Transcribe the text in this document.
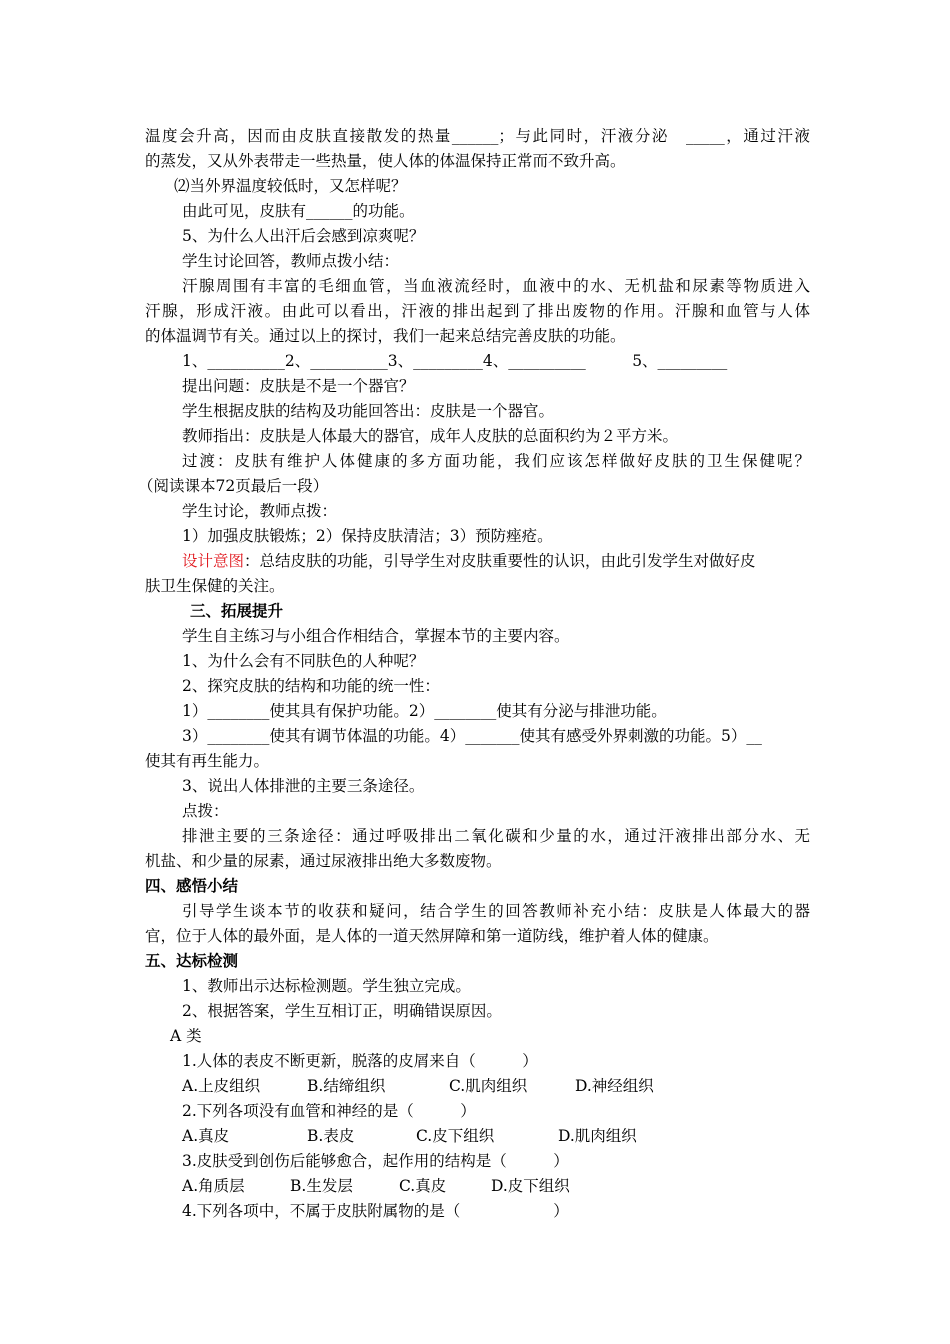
温度会升高，因而由皮肤直接散发的热量______；与此同时，汗液分泌　_____，通过汗液
的蒸发，又从外表带走一些热量，使人体的体温保持正常而不致升高。
⑵当外界温度较低时，又怎样呢？
由此可见，皮肤有______的功能。
5、为什么人出汗后会感到凉爽呢？
学生讨论回答，教师点拨小结：
汗腺周围有丰富的毛细血管，当血液流经时，血液中的水、无机盐和尿素等物质进入
汗腺，形成汗液。由此可以看出，汗液的排出起到了排出废物的作用。汗腺和血管与人体
的体温调节有关。通过以上的探讨，我们一起来总结完善皮肤的功能。
1、__________2、__________3、_________4、__________　　　5、_________
提出问题：皮肤是不是一个器官？
学生根据皮肤的结构及功能回答出：皮肤是一个器官。
教师指出：皮肤是人体最大的器官，成年人皮肤的总面积约为２平方米。
过渡：皮肤有维护人体健康的多方面功能，我们应该怎样做好皮肤的卫生保健呢？
（阅读课本72页最后一段）
学生讨论，教师点拨：
1）加强皮肤锻炼；2）保持皮肤清洁；3）预防痤疮。
设计意图：总结皮肤的功能，引导学生对皮肤重要性的认识，由此引发学生对做好皮
肤卫生保健的关注。
三、拓展提升
学生自主练习与小组合作相结合，掌握本节的主要内容。
1、为什么会有不同肤色的人种呢？
2、探究皮肤的结构和功能的统一性：
1）________使其具有保护功能。2）________使其有分泌与排泄功能。
3）________使其有调节体温的功能。4）_______使其有感受外界刺激的功能。5）__
使其有再生能力。
3、说出人体排泄的主要三条途径。
点拨：
排泄主要的三条途径：通过呼吸排出二氧化碳和少量的水，通过汗液排出部分水、无
机盐、和少量的尿素，通过尿液排出绝大多数废物。
四、感悟小结
引导学生谈本节的收获和疑问，结合学生的回答教师补充小结：皮肤是人体最大的器
官，位于人体的最外面，是人体的一道天然屏障和第一道防线，维护着人体的健康。
五、达标检测
1、教师出示达标检测题。学生独立完成。
2、根据答案，学生互相订正，明确错误原因。
A 类
1.人体的表皮不断更新，脱落的皮屑来自（　　　）
A.上皮组织	B.结缔组织	C.肌肉组织	D.神经组织
2.下列各项没有血管和神经的是（　　　）
A.真皮	B.表皮	C.皮下组织	D.肌肉组织
3.皮肤受到创伤后能够愈合，起作用的结构是（　　　）
A.角质层	B.生发层	C.真皮	D.皮下组织
4.下列各项中，不属于皮肤附属物的是（　　　　　　）
